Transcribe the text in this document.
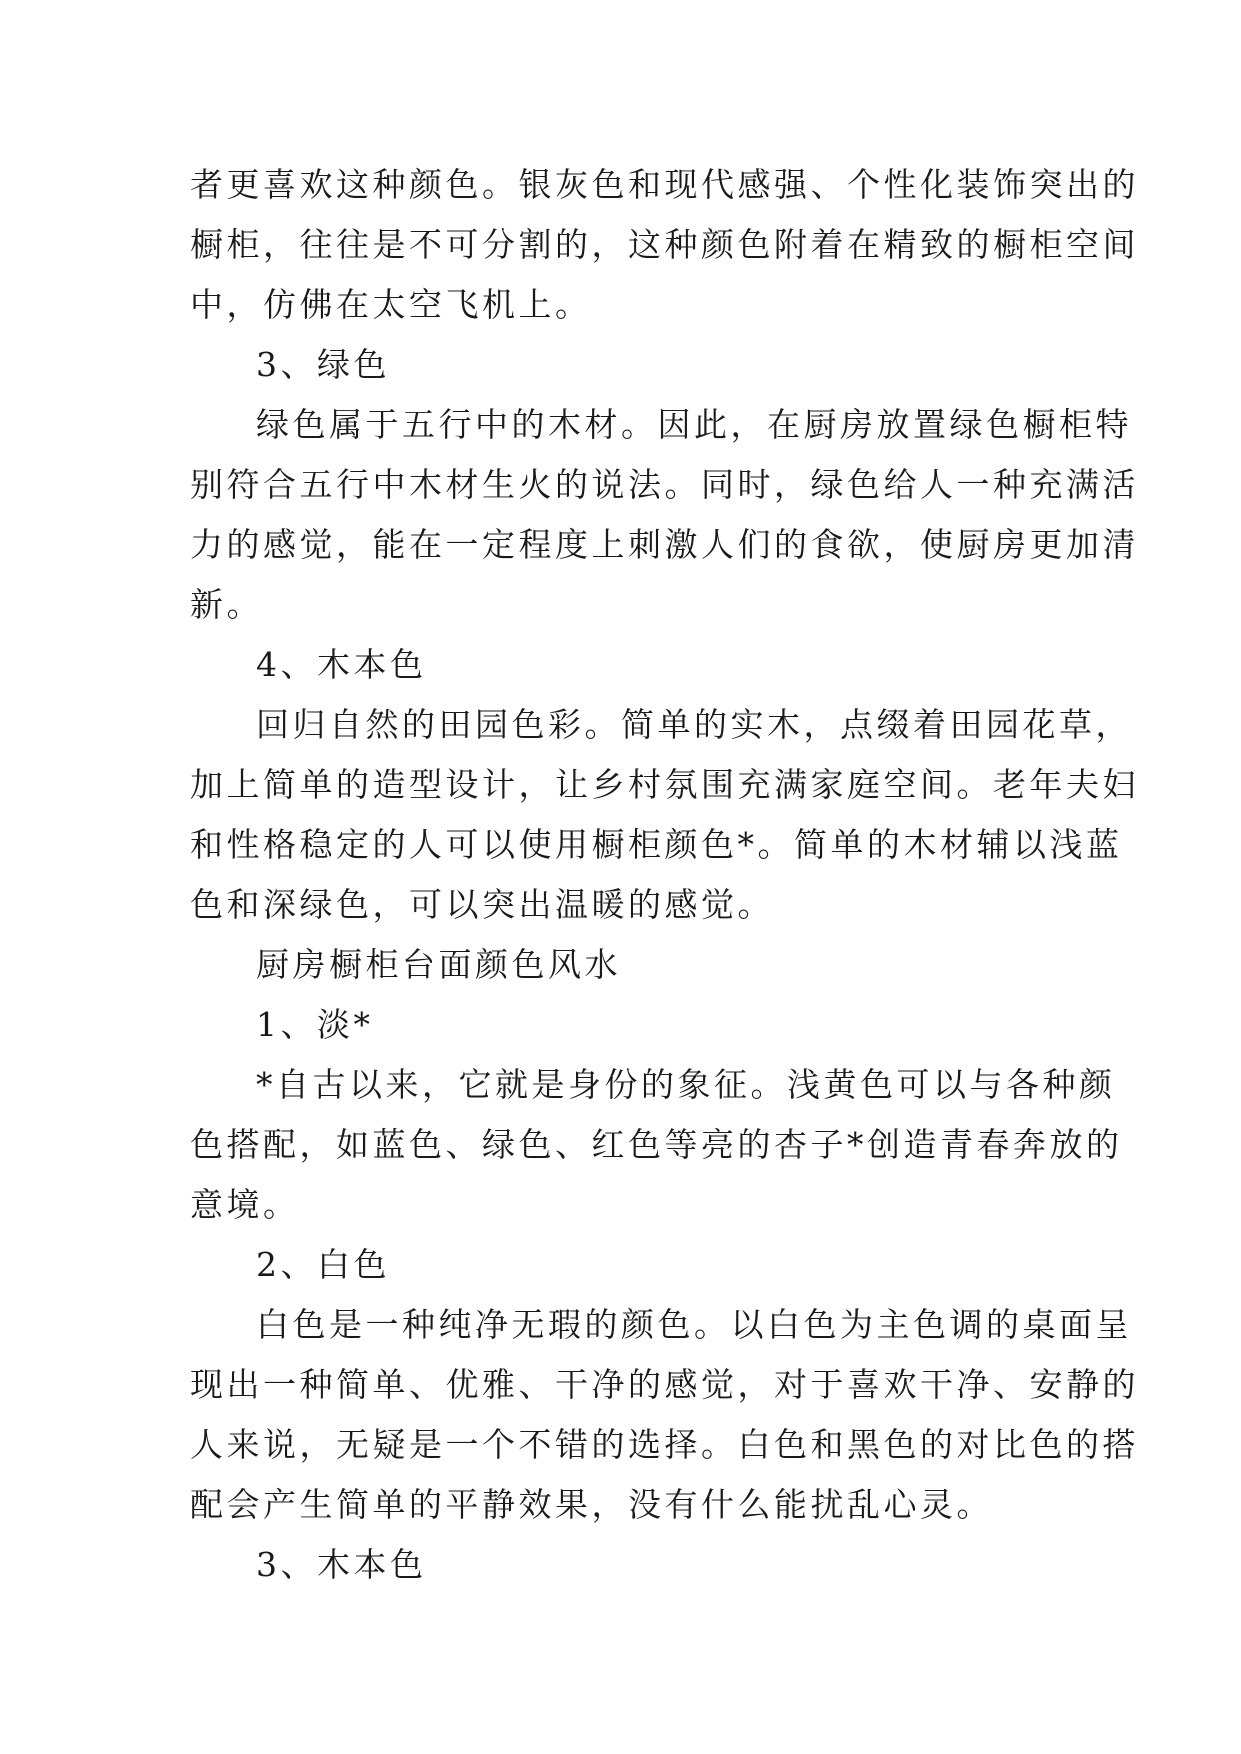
者更喜欢这种颜色。银灰色和现代感强、个性化装饰突出的
橱柜，往往是不可分割的，这种颜色附着在精致的橱柜空间
中，仿佛在太空飞机上。
3、绿色
绿色属于五行中的木材。因此，在厨房放置绿色橱柜特
别符合五行中木材生火的说法。同时，绿色给人一种充满活
力的感觉，能在一定程度上刺激人们的食欲，使厨房更加清
新。
4、木本色
回归自然的田园色彩。简单的实木，点缀着田园花草，
加上简单的造型设计，让乡村氛围充满家庭空间。老年夫妇
和性格稳定的人可以使用橱柜颜色*。简单的木材辅以浅蓝
色和深绿色，可以突出温暖的感觉。
厨房橱柜台面颜色风水
1、淡*
*自古以来，它就是身份的象征。浅黄色可以与各种颜
色搭配，如蓝色、绿色、红色等亮的杏子*创造青春奔放的
意境。
2、白色
白色是一种纯净无瑕的颜色。以白色为主色调的桌面呈
现出一种简单、优雅、干净的感觉，对于喜欢干净、安静的
人来说，无疑是一个不错的选择。白色和黑色的对比色的搭
配会产生简单的平静效果，没有什么能扰乱心灵。
3、木本色
